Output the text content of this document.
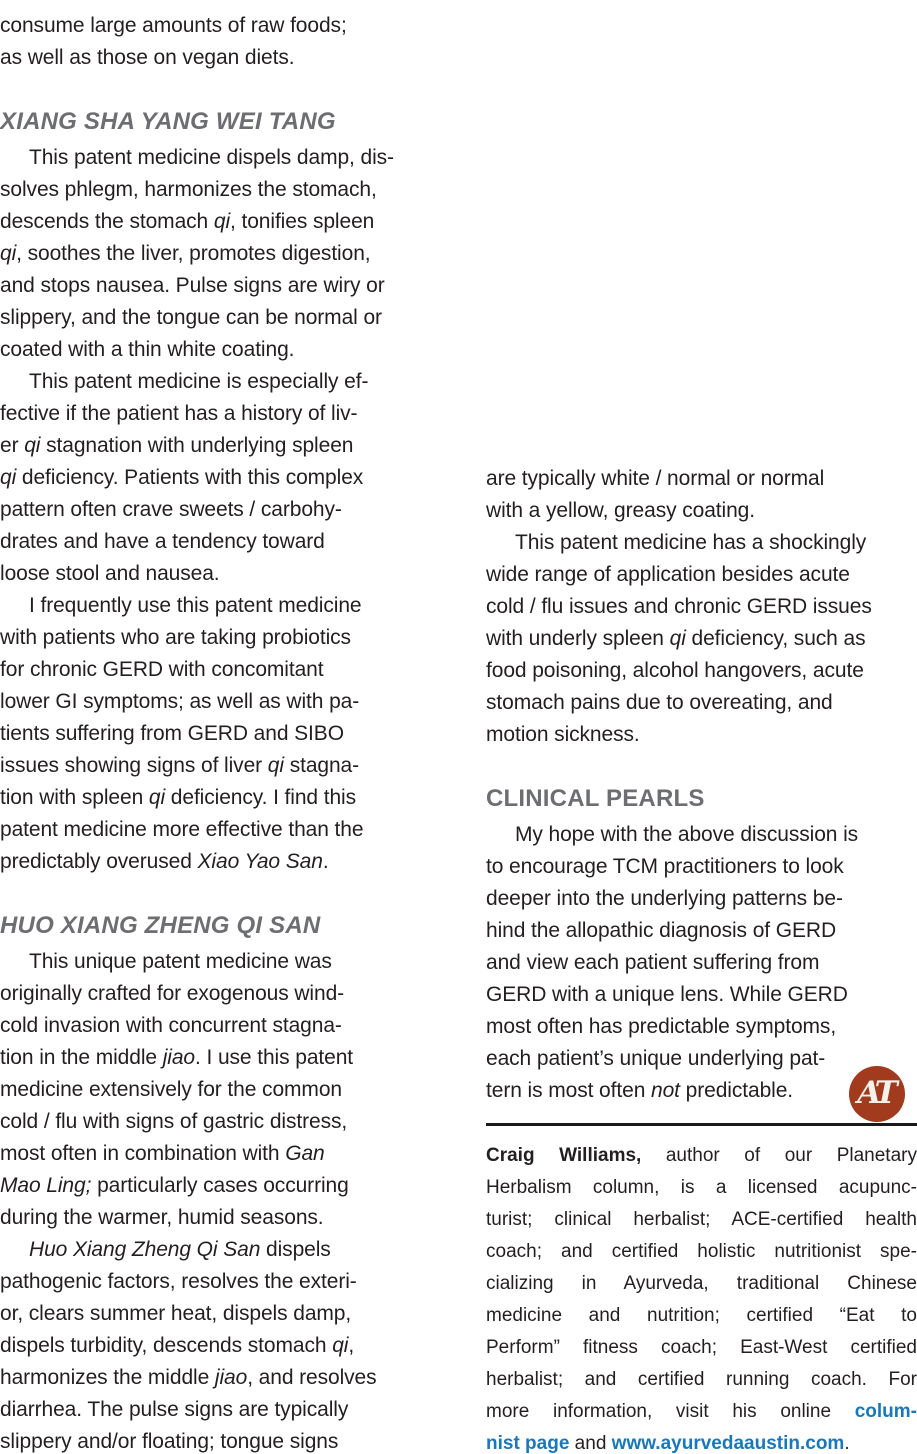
consume large amounts of raw foods;
as well as those on vegan diets.
XIANG SHA YANG WEI TANG
This patent medicine dispels damp, dis-
solves phlegm, harmonizes the stomach,
descends the stomach qi, tonifies spleen
qi, soothes the liver, promotes digestion,
and stops nausea. Pulse signs are wiry or
slippery, and the tongue can be normal or
coated with a thin white coating.
This patent medicine is especially ef-
fective if the patient has a history of liv-
er qi stagnation with underlying spleen
qi deficiency. Patients with this complex
pattern often crave sweets / carbohy-
drates and have a tendency toward
loose stool and nausea.
I frequently use this patent medicine
with patients who are taking probiotics
for chronic GERD with concomitant
lower GI symptoms; as well as with pa-
tients suffering from GERD and SIBO
issues showing signs of liver qi stagna-
tion with spleen qi deficiency. I find this
patent medicine more effective than the
predictably overused Xiao Yao San.
HUO XIANG ZHENG QI SAN
This unique patent medicine was
originally crafted for exogenous wind-
cold invasion with concurrent stagna-
tion in the middle jiao. I use this patent
medicine extensively for the common
cold / flu with signs of gastric distress,
most often in combination with Gan
Mao Ling; particularly cases occurring
during the warmer, humid seasons.
Huo Xiang Zheng Qi San dispels
pathogenic factors, resolves the exteri-
or, clears summer heat, dispels damp,
dispels turbidity, descends stomach qi,
harmonizes the middle jiao, and resolves
diarrhea. The pulse signs are typically
slippery and/or floating; tongue signs
are typically white / normal or normal
with a yellow, greasy coating.
This patent medicine has a shockingly
wide range of application besides acute
cold / flu issues and chronic GERD issues
with underly spleen qi deficiency, such as
food poisoning, alcohol hangovers, acute
stomach pains due to overeating, and
motion sickness.
CLINICAL PEARLS
My hope with the above discussion is
to encourage TCM practitioners to look
deeper into the underlying patterns be-
hind the allopathic diagnosis of GERD
and view each patient suffering from
GERD with a unique lens. While GERD
most often has predictable symptoms,
each patient’s unique underlying pat-
tern is most often not predictable.
Craig Williams, author of our Planetary
Herbalism column, is a licensed acupunc-
turist; clinical herbalist; ACE-certified health
coach; and certified holistic nutritionist spe-
cializing in Ayurveda, traditional Chinese
medicine and nutrition; certified “Eat to
Perform” fitness coach; East-West certified
herbalist; and certified running coach. For
more information, visit his online colum-
nist page and www.ayurvedaaustin.com.
AT
